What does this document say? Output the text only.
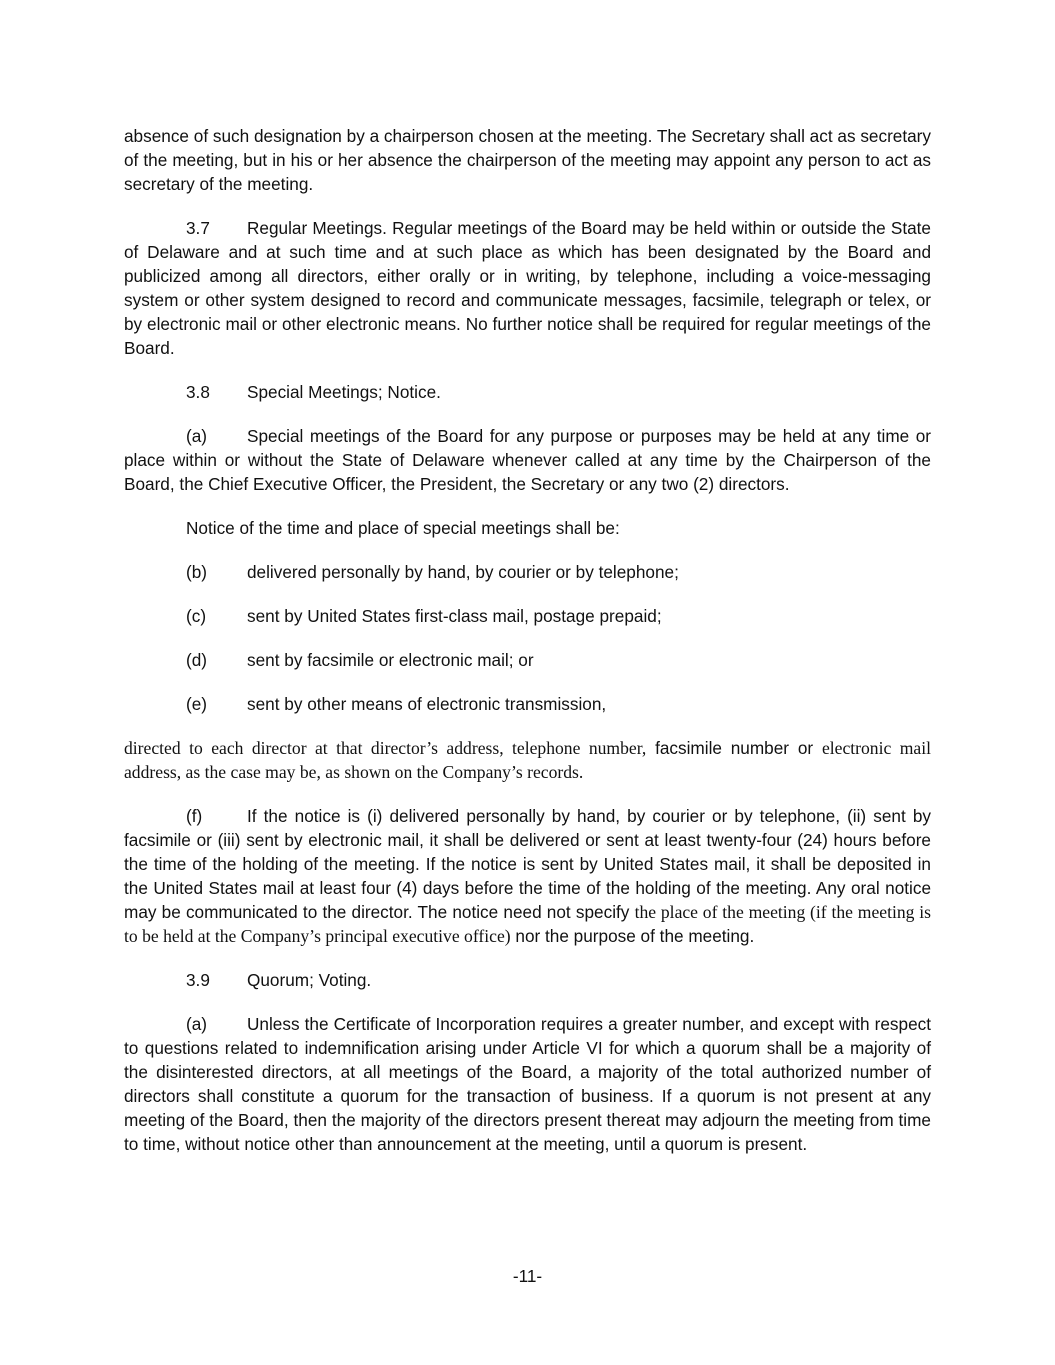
absence of such designation by a chairperson chosen at the meeting. The Secretary shall act as secretary of the meeting, but in his or her absence the chairperson of the meeting may appoint any person to act as secretary of the meeting.

3.7 Regular Meetings. Regular meetings of the Board may be held within or outside the State of Delaware and at such time and at such place as which has been designated by the Board and publicized among all directors, either orally or in writing, by telephone, including a voice-messaging system or other system designed to record and communicate messages, facsimile, telegraph or telex, or by electronic mail or other electronic means. No further notice shall be required for regular meetings of the Board.

3.8 Special Meetings; Notice.

(a) Special meetings of the Board for any purpose or purposes may be held at any time or place within or without the State of Delaware whenever called at any time by the Chairperson of the Board, the Chief Executive Officer, the President, the Secretary or any two (2) directors.

Notice of the time and place of special meetings shall be:

(b) delivered personally by hand, by courier or by telephone;

(c) sent by United States first-class mail, postage prepaid;

(d) sent by facsimile or electronic mail; or

(e) sent by other means of electronic transmission,

directed to each director at that director’s address, telephone number, facsimile number or electronic mail address, as the case may be, as shown on the Company’s records.

(f)	If the notice is (i) delivered personally by hand, by courier or by telephone, (ii) sent by facsimile or (iii) sent by electronic mail, it shall be delivered or sent at least twenty-four (24) hours before the time of the holding of the meeting. If the notice is sent by United States mail, it shall be deposited in the United States mail at least four (4) days before the time of the holding of the meeting. Any oral notice may be communicated to the director. The notice need not specify the place of the meeting (if the meeting is to be held at the Company’s principal executive office) nor the purpose of the meeting.

3.9 Quorum; Voting.

(a) Unless the Certificate of Incorporation requires a greater number, and except with respect to questions related to indemnification arising under Article VI for which a quorum shall be a majority of the disinterested directors, at all meetings of the Board, a majority of the total authorized number of directors shall constitute a quorum for the transaction of business. If a quorum is not present at any meeting of the Board, then the majority of the directors present thereat may adjourn the meeting from time to time, without notice other than announcement at the meeting, until a quorum is present.

-11-
